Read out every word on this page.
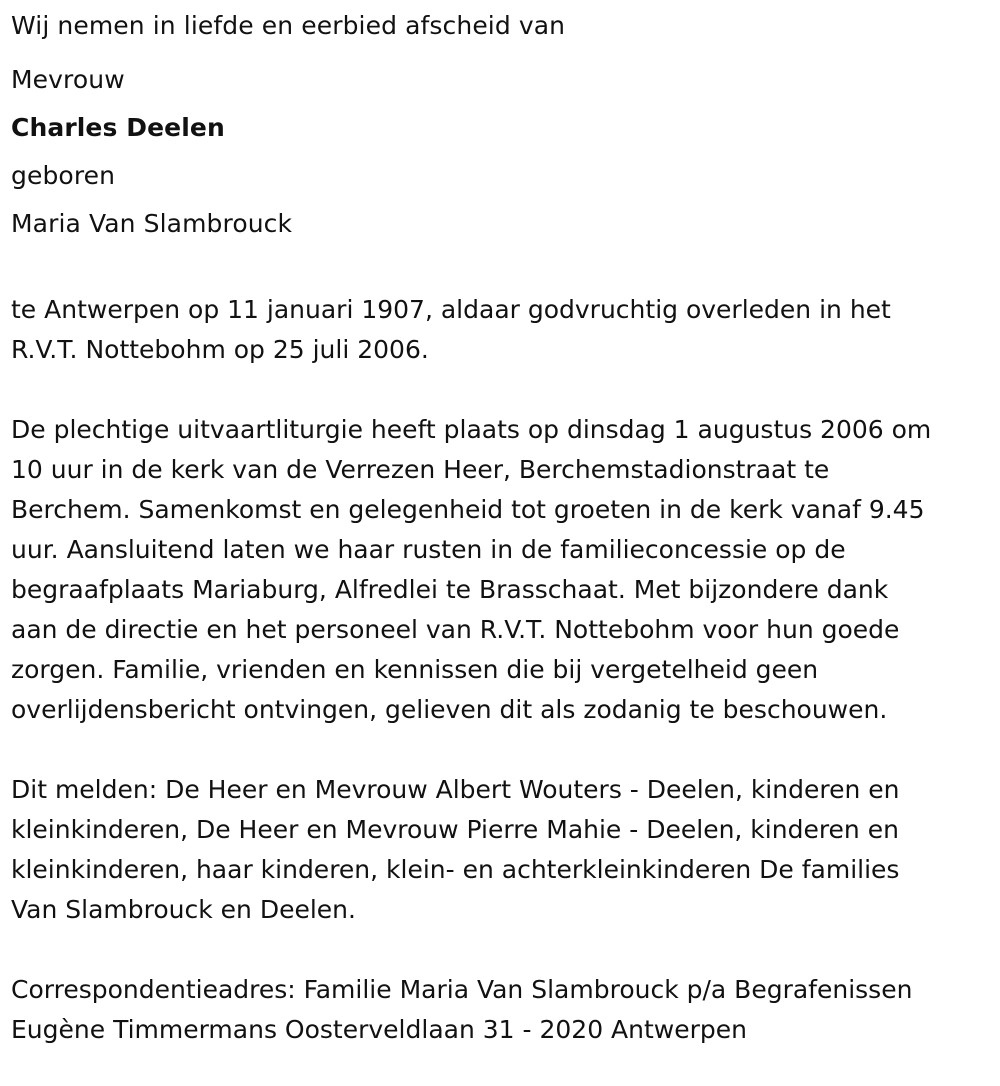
Wij nemen in liefde en eerbied afscheid van
Mevrouw
Charles Deelen
geboren
Maria Van Slambrouck

te Antwerpen op 11 januari 1907, aldaar godvruchtig overleden in het

R.V.T. Nottebohm op 25 juli 2006.

De plechtige uitvaartliturgie heeft plaats op dinsdag 1 augustus 2006 om

10 uur in de kerk van de Verrezen Heer, Berchemstadionstraat te

Berchem. Samenkomst en gelegenheid tot groeten in de kerk vanaf 9.45

uur. Aansluitend laten we haar rusten in de familieconcessie op de

begraafplaats Mariaburg, Alfredlei te Brasschaat. Met bijzondere dank

aan de directie en het personeel van R.V.T. Nottebohm voor hun goede

zorgen. Familie, vrienden en kennissen die bij vergetelheid geen

overlijdensbericht ontvingen, gelieven dit als zodanig te beschouwen.

Dit melden: De Heer en Mevrouw Albert Wouters - Deelen, kinderen en

kleinkinderen, De Heer en Mevrouw Pierre Mahie - Deelen, kinderen en

kleinkinderen, haar kinderen, klein- en achterkleinkinderen De families

Van Slambrouck en Deelen.

Correspondentieadres: Familie Maria Van Slambrouck p/a Begrafenissen

Eugène Timmermans Oosterveldlaan 31 - 2020 Antwerpen
